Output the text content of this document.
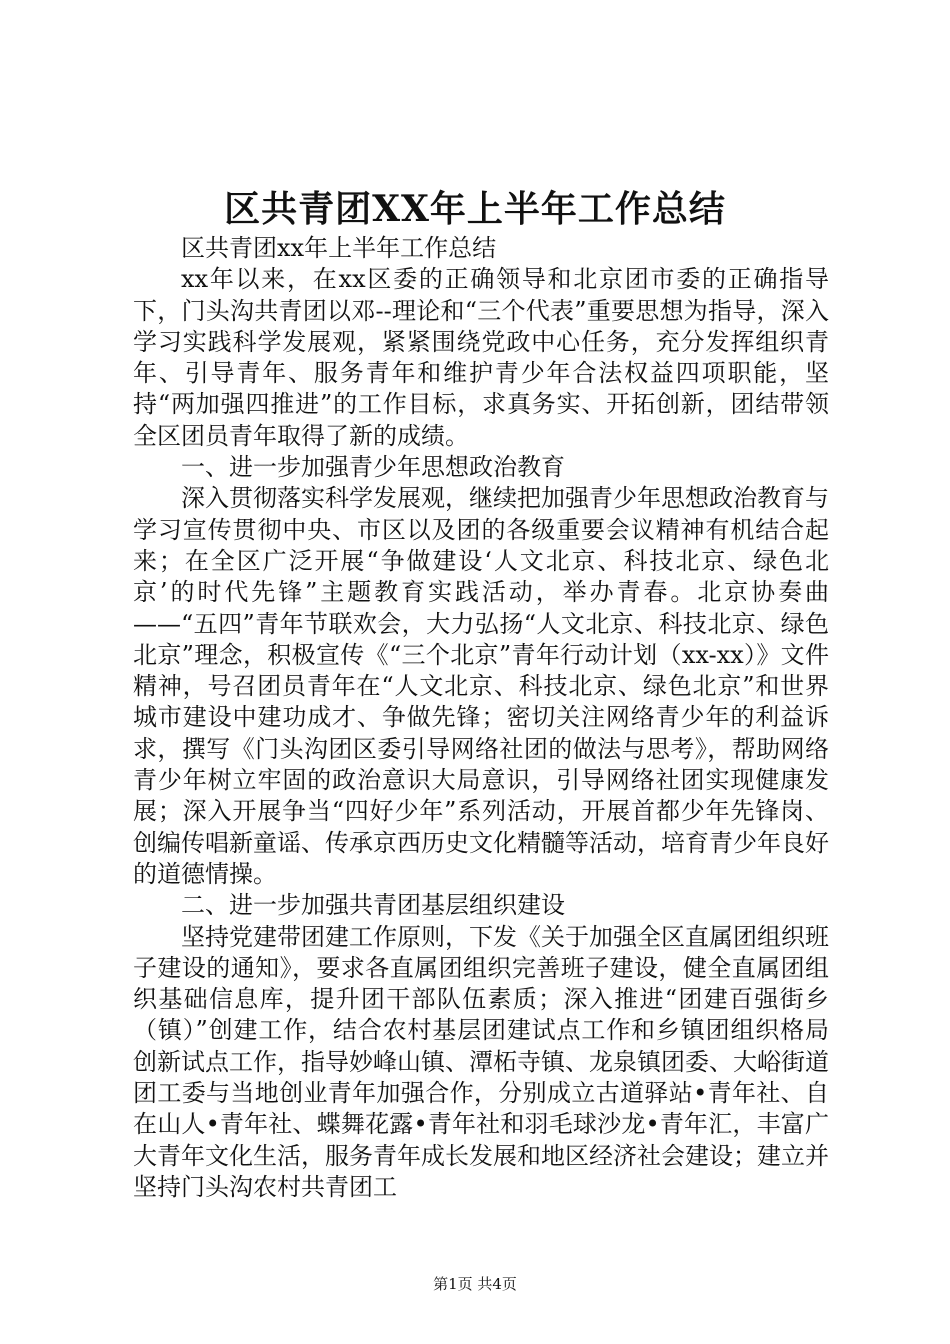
区共青团XX年上半年工作总结

区共青团xx年上半年工作总结

xx年以来，在xx区委的正确领导和北京团市委的正确指导下，门头沟共青团以邓--理论和“三个代表”重要思想为指导，深入学习实践科学发展观，紧紧围绕党政中心任务，充分发挥组织青年、引导青年、服务青年和维护青少年合法权益四项职能，坚持“两加强四推进”的工作目标，求真务实、开拓创新，团结带领全区团员青年取得了新的成绩。

一、进一步加强青少年思想政治教育

深入贯彻落实科学发展观，继续把加强青少年思想政治教育与学习宣传贯彻中央、市区以及团的各级重要会议精神有机结合起来；在全区广泛开展“争做建设‘人文北京、科技北京、绿色北京’的时代先锋”主题教育实践活动，举办青春。北京协奏曲——“五四”青年节联欢会，大力弘扬“人文北京、科技北京、绿色北京”理念，积极宣传《“三个北京”青年行动计划（xx-xx）》文件精神，号召团员青年在“人文北京、科技北京、绿色北京”和世界城市建设中建功成才、争做先锋；密切关注网络青少年的利益诉求，撰写《门头沟团区委引导网络社团的做法与思考》，帮助网络青少年树立牢固的政治意识大局意识，引导网络社团实现健康发展；深入开展争当“四好少年”系列活动，开展首都少年先锋岗、创编传唱新童谣、传承京西历史文化精髓等活动，培育青少年良好的道德情操。

二、进一步加强共青团基层组织建设

坚持党建带团建工作原则，下发《关于加强全区直属团组织班子建设的通知》，要求各直属团组织完善班子建设，健全直属团组织基础信息库，提升团干部队伍素质；深入推进“团建百强街乡（镇）”创建工作，结合农村基层团建试点工作和乡镇团组织格局创新试点工作，指导妙峰山镇、潭柘寺镇、龙泉镇团委、大峪街道团工委与当地创业青年加强合作，分别成立古道驿站•青年社、自在山人•青年社、蝶舞花露•青年社和羽毛球沙龙•青年汇，丰富广大青年文化生活，服务青年成长发展和地区经济社会建设；建立并坚持门头沟农村共青团工

第1页 共4页
